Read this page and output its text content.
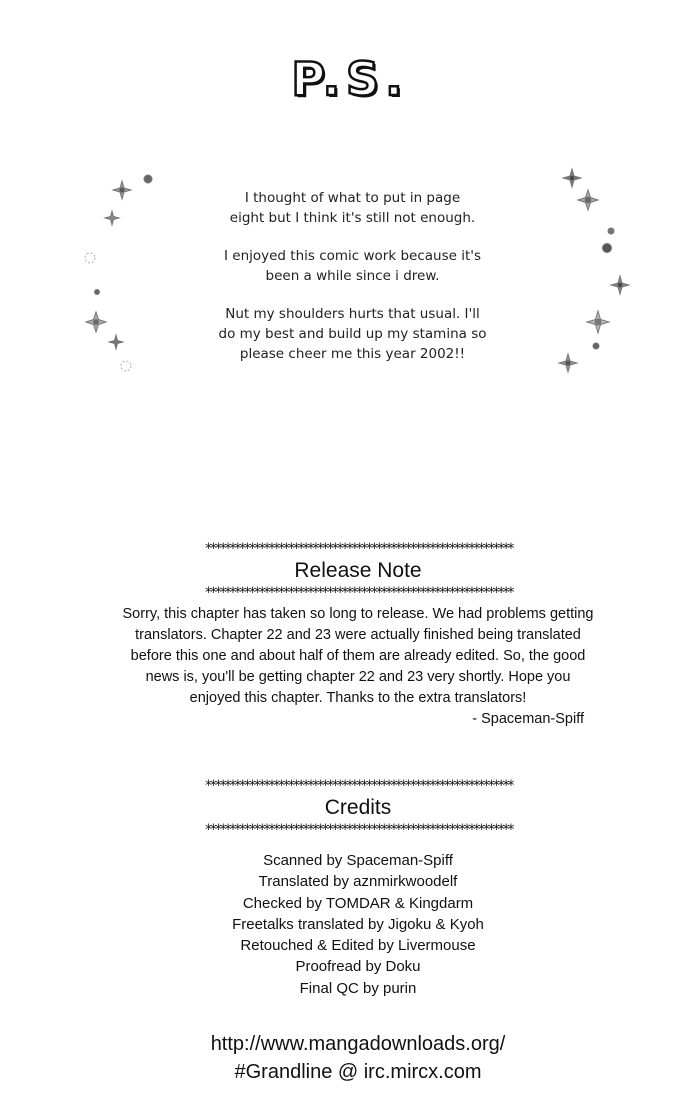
P.S.

I thought of what to put in page
eight but I think it's still not enough.

I enjoyed this comic work because it's
been a while since i drew.

Nut my shoulders hurts that usual. I'll
do my best and build up my stamina so
please cheer me this year 2002!!

***************************************************************
Release Note
***************************************************************
Sorry, this chapter has taken so long to release. We had problems getting
translators. Chapter 22 and 23 were actually finished being translated
before this one and about half of them are already edited. So, the good
news is, you'll be getting chapter 22 and 23 very shortly. Hope you
enjoyed this chapter. Thanks to the extra translators!
- Spaceman-Spiff
***************************************************************
Credits
***************************************************************
Scanned by Spaceman-Spiff
Translated by aznmirkwoodelf
Checked by TOMDAR & Kingdarm
Freetalks translated by Jigoku & Kyoh
Retouched & Edited by Livermouse
Proofread by Doku
Final QC by purin
http://www.mangadownloads.org/
#Grandline @ irc.mircx.com
